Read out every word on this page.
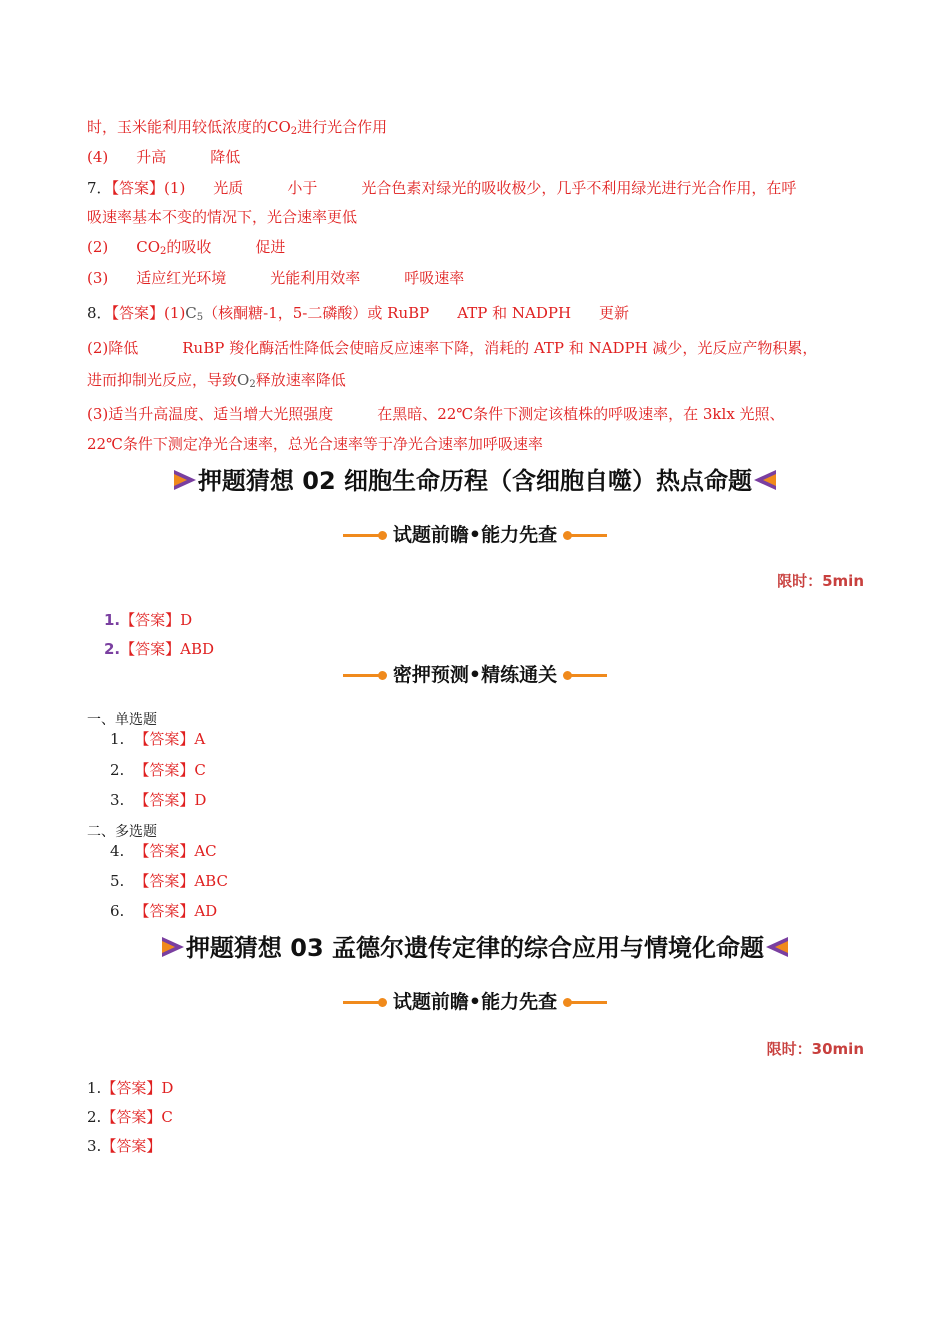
时，玉米能利用较低浓度的$CO_2$进行光合作用
(4) 升高	降低
7．【答案】(1) 光质	小于	光合色素对绿光的吸收极少，几乎不利用绿光进行光合作用，在呼
吸速率基本不变的情况下，光合速率更低
(2) $CO_2$的吸收	促进
(3) 适应红光环境	光能利用效率	呼吸速率
8．【答案】$(1)C_5$（核酮糖-1，5-二磷酸）或 RuBP ATP 和 NADPH 更新
(2)降低	RuBP 羧化酶活性降低会使暗反应速率下降，消耗的 ATP 和 NADPH 减少，光反应产物积累，
进而抑制光反应，导致$O_2$释放速率降低
(3)适当升高温度、适当增大光照强度	在黑暗、22℃条件下测定该植株的呼吸速率，在 3klx 光照、
22℃条件下测定净光合速率，总光合速率等于净光合速率加呼吸速率
押题猜想 02 细胞生命历程（含细胞自噬）热点命题
试题前瞻•能力先查
限时：5min
1.【答案】D
2.【答案】ABD
密押预测•精练通关
一、单选题
1. 【答案】A
2. 【答案】C
3. 【答案】D
二、多选题
4. 【答案】AC
5. 【答案】ABC
6. 【答案】AD
押题猜想 03 孟德尔遗传定律的综合应用与情境化命题
试题前瞻•能力先查
限时：30min
1.【答案】D
2.【答案】C
3.【答案】
